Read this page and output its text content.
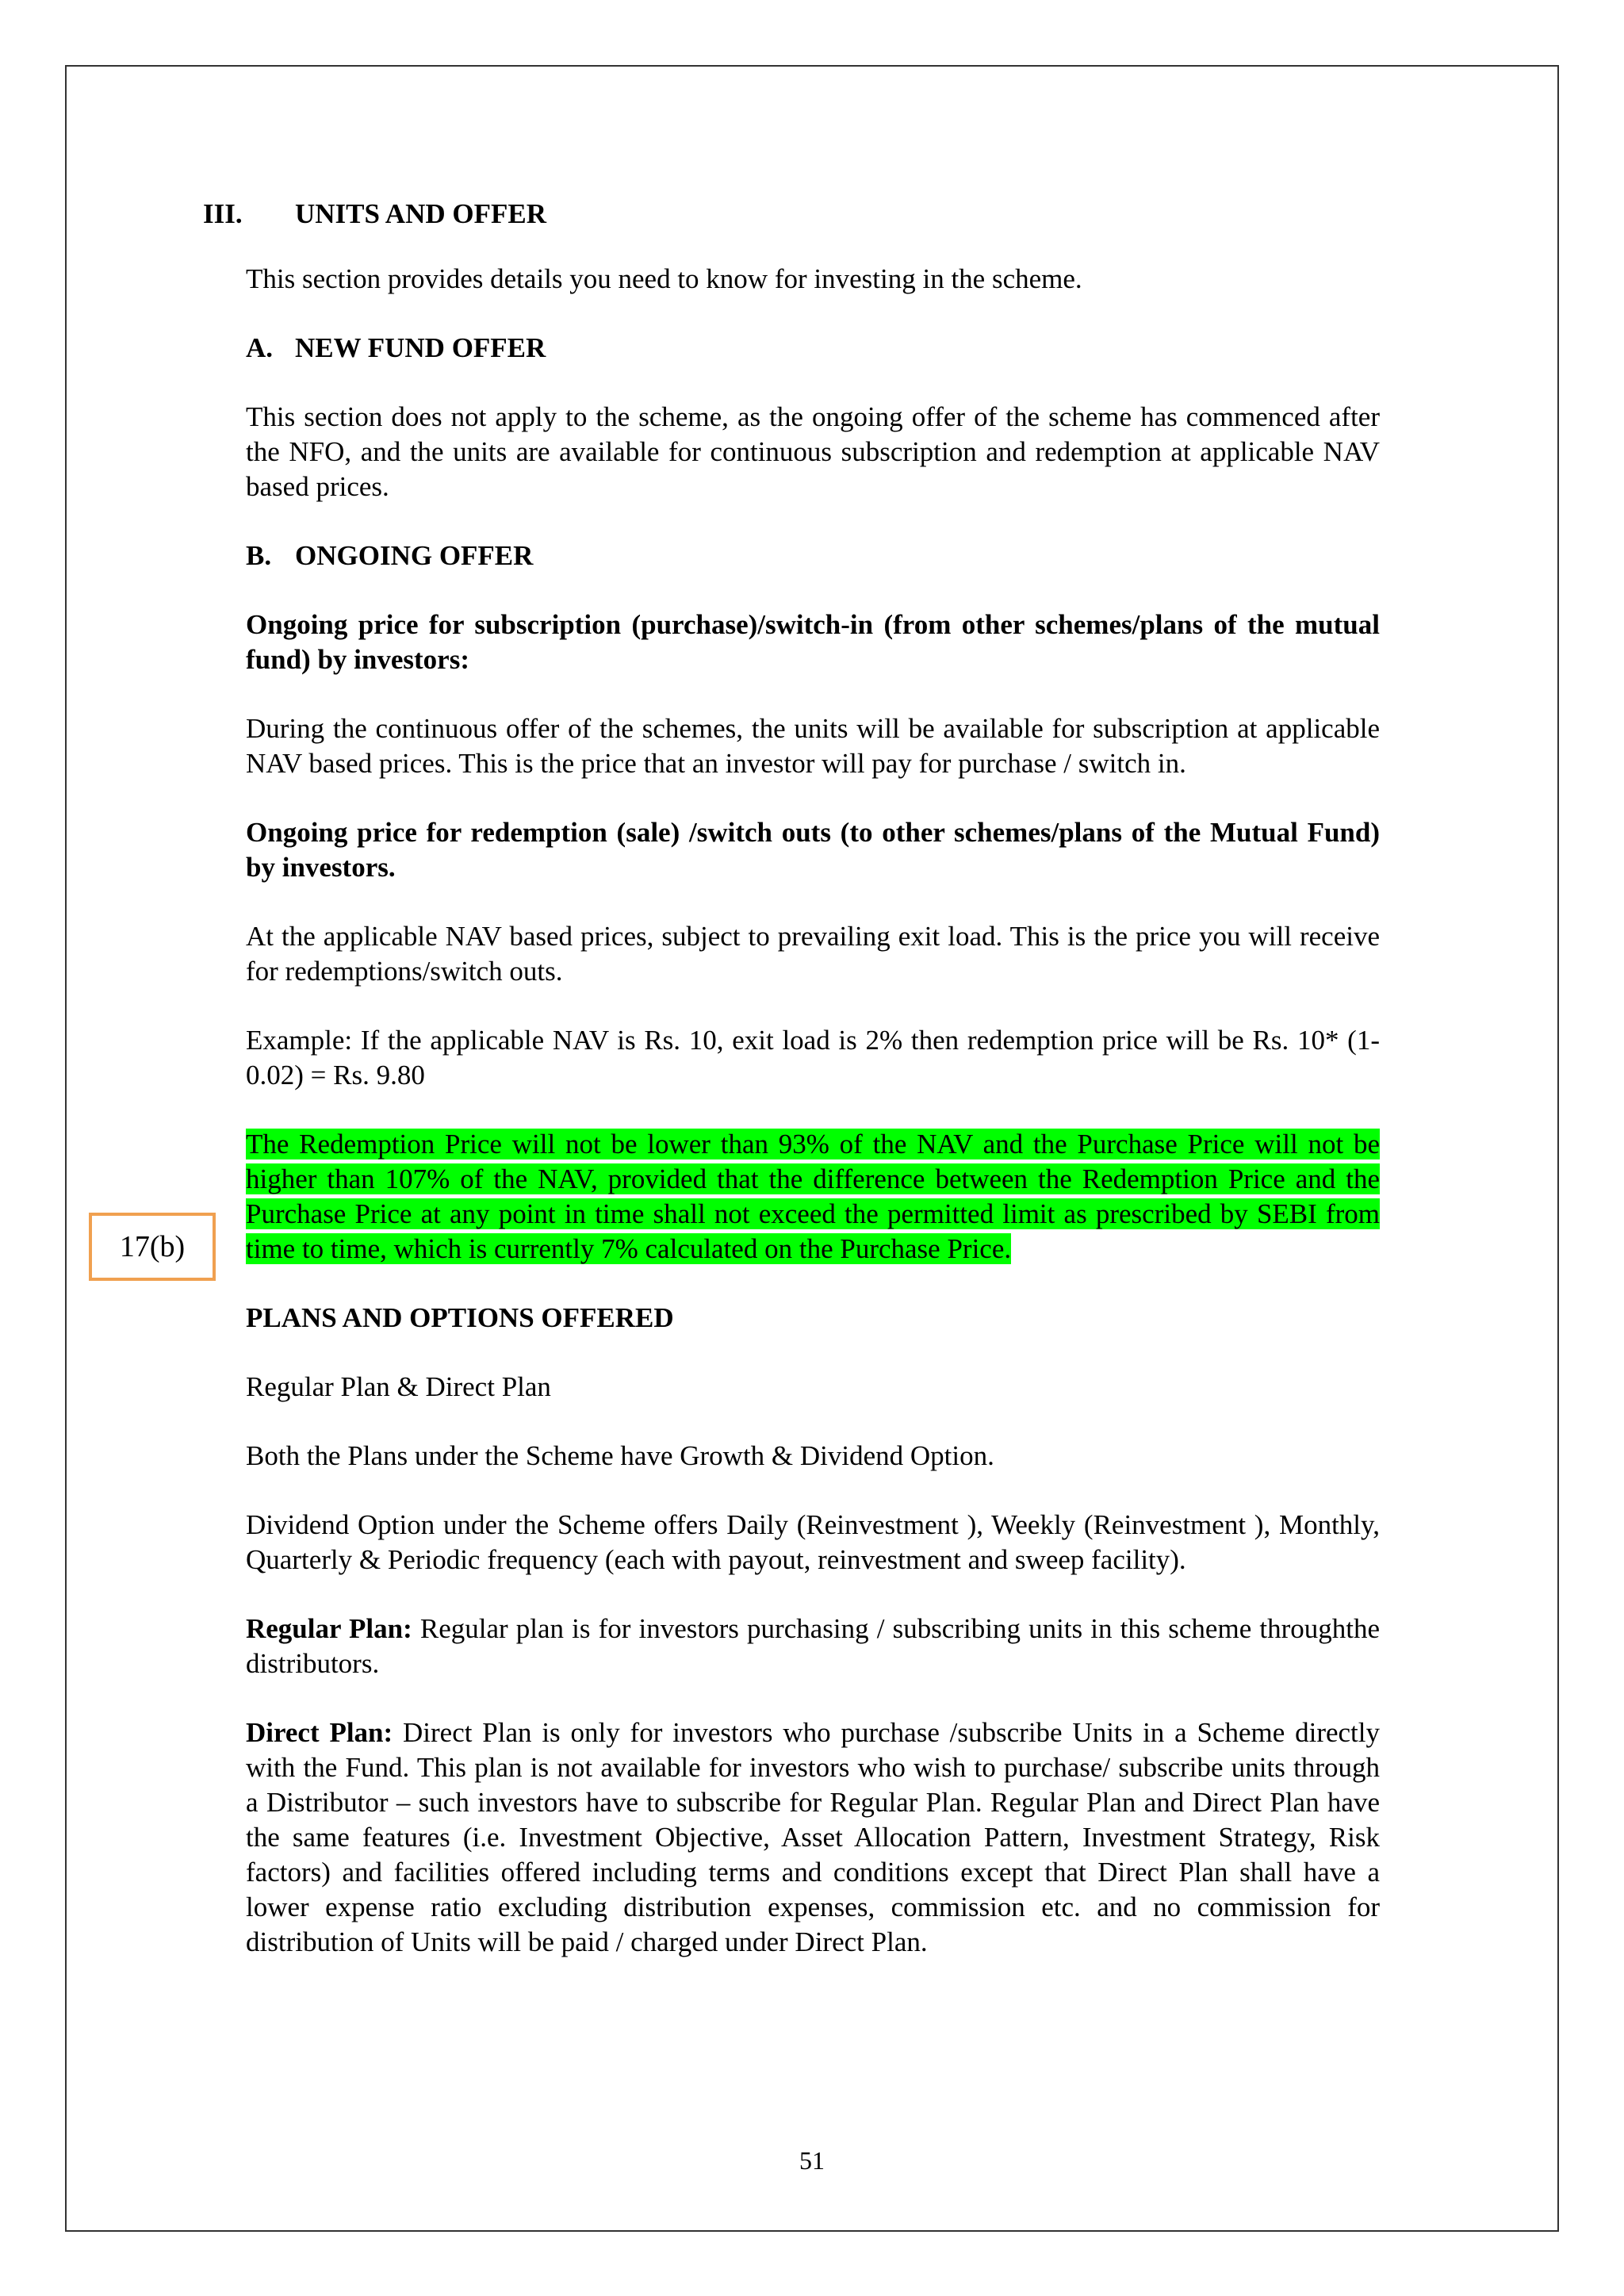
III.	UNITS AND OFFER

This section provides details you need to know for investing in the scheme.

A. NEW FUND OFFER

This section does not apply to the scheme, as the ongoing offer of the scheme has commenced after the NFO, and the units are available for continuous subscription and redemption at applicable NAV based prices.

B. ONGOING OFFER

Ongoing price for subscription (purchase)/switch-in (from other schemes/plans of the mutual fund) by investors:

During the continuous offer of the schemes, the units will be available for subscription at applicable NAV based prices. This is the price that an investor will pay for purchase / switch in.

Ongoing price for redemption (sale) /switch outs (to other schemes/plans of the Mutual Fund) by investors.

At the applicable NAV based prices, subject to prevailing exit load. This is the price you will receive for redemptions/switch outs.

Example: If the applicable NAV is Rs. 10, exit load is 2% then redemption price will be Rs. 10* (1-0.02) = Rs. 9.80

The Redemption Price will not be lower than 93% of the NAV and the Purchase Price will not be higher than 107% of the NAV, provided that the difference between the Redemption Price and the Purchase Price at any point in time shall not exceed the permitted limit as prescribed by SEBI from time to time, which is currently 7% calculated on the Purchase Price.

PLANS AND OPTIONS OFFERED

Regular Plan & Direct Plan

Both the Plans under the Scheme have Growth & Dividend Option.

Dividend Option under the Scheme offers Daily (Reinvestment ), Weekly (Reinvestment ), Monthly, Quarterly & Periodic frequency (each with payout, reinvestment and sweep facility).

Regular Plan: Regular plan is for investors purchasing / subscribing units in this scheme throughthe distributors.

Direct Plan: Direct Plan is only for investors who purchase /subscribe Units in a Scheme directly with the Fund. This plan is not available for investors who wish to purchase/ subscribe units through a Distributor – such investors have to subscribe for Regular Plan. Regular Plan and Direct Plan have the same features (i.e. Investment Objective, Asset Allocation Pattern, Investment Strategy, Risk factors) and facilities offered including terms and conditions except that Direct Plan shall have a lower expense ratio excluding distribution expenses, commission etc. and no commission for distribution of Units will be paid / charged under Direct Plan.

17(b)
51
